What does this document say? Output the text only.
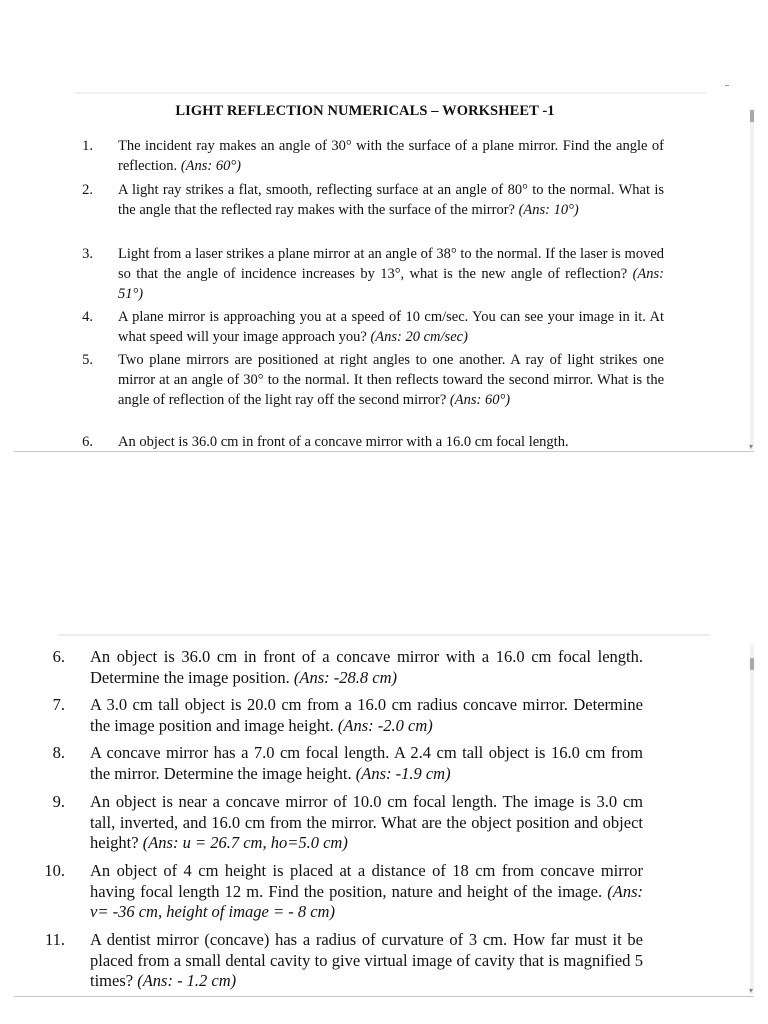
LIGHT REFLECTION NUMERICALS – WORKSHEET -1
1. The incident ray makes an angle of 30° with the surface of a plane mirror. Find the angle of reflection. (Ans: 60°)
2. A light ray strikes a flat, smooth, reflecting surface at an angle of 80° to the normal. What is the angle that the reflected ray makes with the surface of the mirror? (Ans: 10°)
3. Light from a laser strikes a plane mirror at an angle of 38° to the normal. If the laser is moved so that the angle of incidence increases by 13°, what is the new angle of reflection? (Ans: 51°)
4. A plane mirror is approaching you at a speed of 10 cm/sec. You can see your image in it. At what speed will your image approach you? (Ans: 20 cm/sec)
5. Two plane mirrors are positioned at right angles to one another. A ray of light strikes one mirror at an angle of 30° to the normal. It then reflects toward the second mirror. What is the angle of reflection of the light ray off the second mirror? (Ans: 60°)
6. An object is 36.0 cm in front of a concave mirror with a 16.0 cm focal length.	▾
6. An object is 36.0 cm in front of a concave mirror with a 16.0 cm focal length. Determine the image position. (Ans: -28.8 cm)
7. A 3.0 cm tall object is 20.0 cm from a 16.0 cm radius concave mirror. Determine the image position and image height. (Ans: -2.0 cm)
8. A concave mirror has a 7.0 cm focal length. A 2.4 cm tall object is 16.0 cm from the mirror. Determine the image height. (Ans: -1.9 cm)
9. An object is near a concave mirror of 10.0 cm focal length. The image is 3.0 cm tall, inverted, and 16.0 cm from the mirror. What are the object position and object height? (Ans: u = 26.7 cm, ho=5.0 cm)
10. An object of 4 cm height is placed at a distance of 18 cm from concave mirror having focal length 12 m. Find the position, nature and height of the image. (Ans: v= -36 cm, height of image = - 8 cm)
11. A dentist mirror (concave) has a radius of curvature of 3 cm. How far must it be placed from a small dental cavity to give virtual image of cavity that is magnified 5 times? (Ans: - 1.2 cm)
▾
